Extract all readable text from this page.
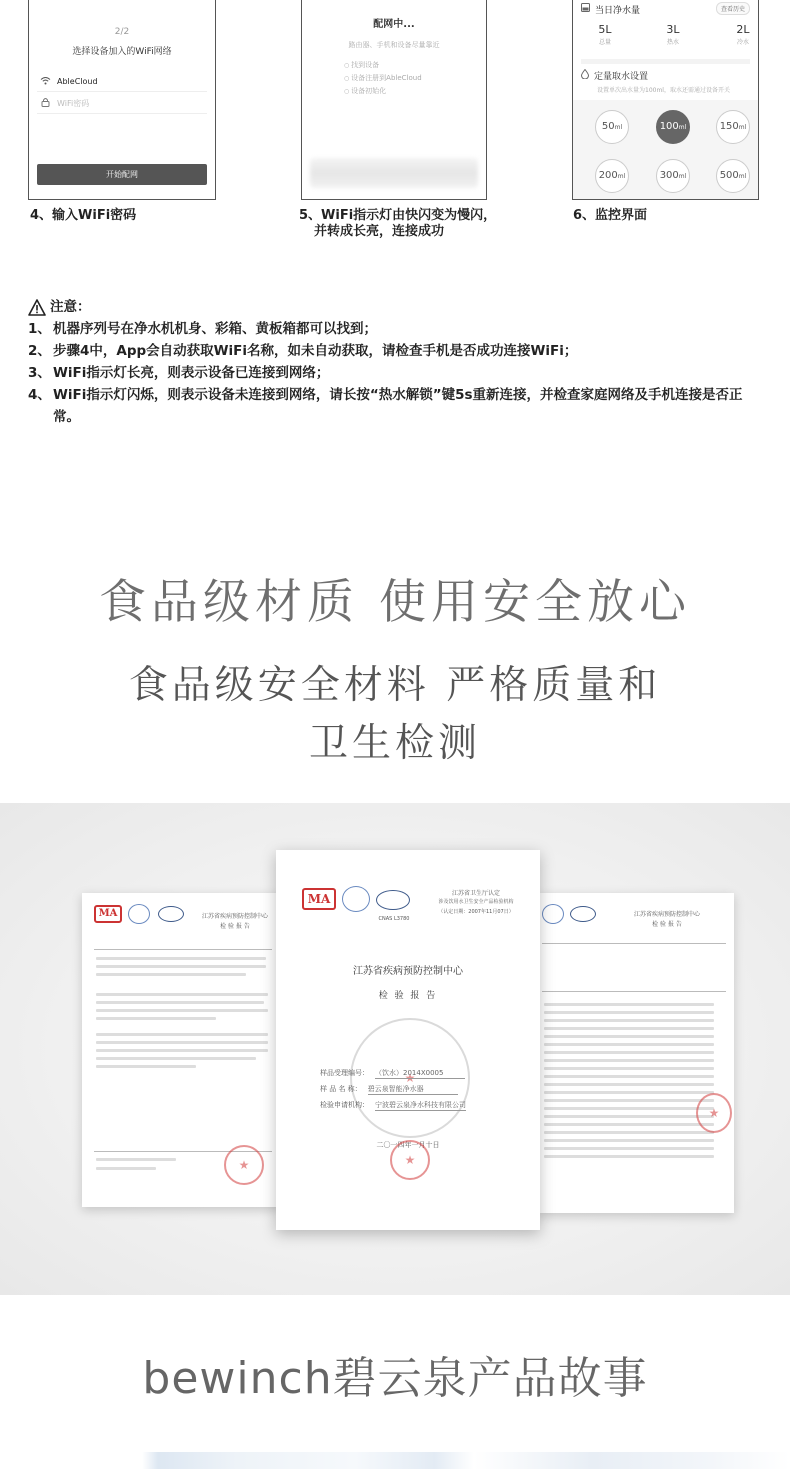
2/2
选择设备加入的WiFi网络
AbleCloud
WiFi密码
开始配网
4、输入WiFi密码
配网中...
路由器、手机和设备尽量靠近
○ 找到设备
○ 设备注册到AbleCloud
○ 设备初始化
5、WiFi指示灯由快闪变为慢闪，
并转成长亮，连接成功
当日净水量	查看历史
5L
总量
3L
热水
2L
冷水
定量取水设置
设置单次出水量为100ml，取水还需通过设备开关
50ml	100ml	150ml
200ml	300ml	500ml
6、监控界面
注意：
1、 机器序列号在净水机机身、彩箱、黄板箱都可以找到；
2、 步骤4中，App会自动获取WiFi名称，如未自动获取，请检查手机是否成功连接WiFi；
3、 WiFi指示灯长亮，则表示设备已连接到网络；
4、 WiFi指示灯闪烁，则表示设备未连接到网络，请长按“热水解锁”键5s重新连接，并检查家庭网络及手机连接是否正常。
食品级材质 使用安全放心
食品级安全材料 严格质量和
卫生检测
MA	江苏省疾病预防控制中心
检 验 报 告
★
江苏省疾病预防控制中心
检 验 报 告
★
MA
CNAS L3780
江苏省卫生厅认定
涉及饮用水卫生安全产品检验机构
（认定日期：2007年11月07日）
江苏省疾病预防控制中心
检 验 报 告
★
样品受理编号： （饮水）2014X0005
样 品 名 称： 碧云泉智能净水器
检验申请机构： 宁波碧云泉净水科技有限公司
二〇一四年一月十日
★
bewinch碧云泉产品故事
